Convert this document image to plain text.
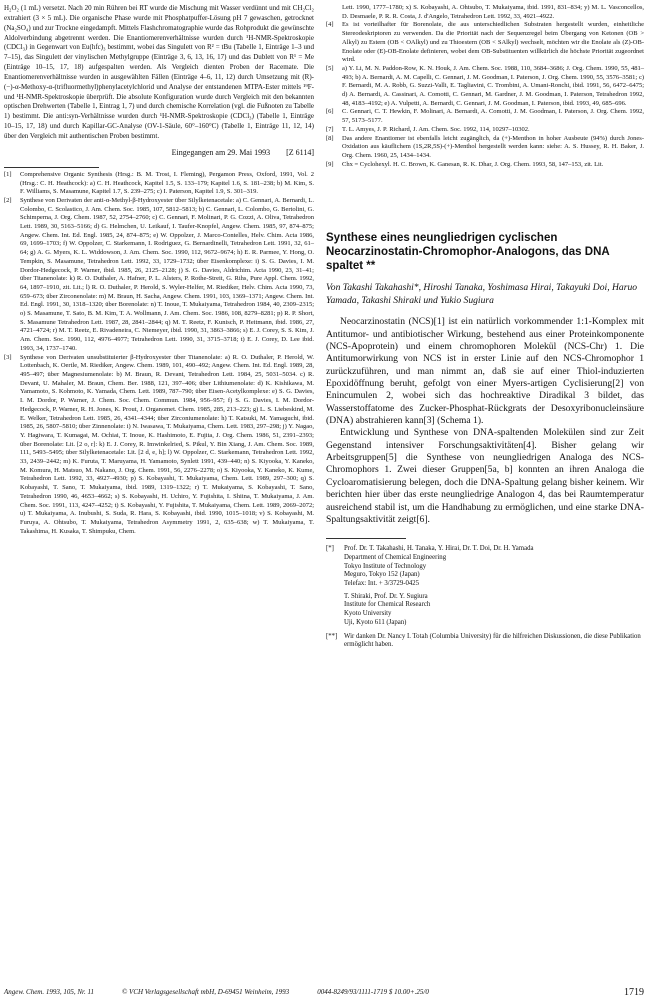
H₂O₂ (1 mL) versetzt. Nach 20 min Rühren bei RT wurde die Mischung mit Wasser verdünnt und mit CH₂Cl₂ extrahiert (3 × 5 mL). Die organische Phase wurde mit Phosphatpuffer-Lösung pH 7 gewaschen, getrocknet (Na₂SO₄) und zur Trockne eingedampft. Mittels Flashchromatographie wurde das Rohprodukt die gewünschte Aldolverbindung abgetrennt werden. Die Enantiomerenverhältnisse wurden durch ¹H-NMR-Spektroskopie (CDCl₃) in Gegenwart von Eu(hfc)₃ bestimmt, wobei das Singulett von R² = tBu (Tabelle 1, Einträge 1–3 und 7–15), das Singulett der vinylischen Methylgruppe (Einträge 3, 6, 13, 16, 17) und das Dublett von R¹ = Me (Einträge 10–15, 17, 18) aufgespalten werden. Als Vergleich dienten Proben der Racemate. Die Enantiomerenverhältnisse wurden in ausgewählten Fällen (Einträge 4–6, 11, 12) durch Umsetzung mit (R)-(−)-α-Methoxy-α-(trifluormethyl)phenylacetylchlorid und Analyse der entstandenen MTPA-Ester mittels ¹⁹F- und ¹H-NMR-Spektroskopie überprüft. Die absolute Konfiguration wurde durch Vergleich mit den bekannten optischen Drehwerten (Tabelle 1, Eintrag 1, 7) und durch chemische Korrelation (vgl. die Fußnoten zu Tabelle 1) bestimmt. Die anti:syn-Verhältnisse wurden durch ¹H-NMR-Spektroskopie (CDCl₃) (Tabelle 1, Einträge 10–15, 17, 18) und durch Kapillar-GC-Analyse (OV-1-Säule, 60°–160°C) (Tabelle 1, Einträge 11, 12, 14) über den Vergleich mit authentischen Proben bestimmt.

Eingegangen am 29. Mai 1993 [Z 6114]

[1]	Comprehensive Organic Synthesis (Hrsg.: B. M. Trost, I. Fleming), Pergamon Press, Oxford, 1991, Vol. 2 (Hrsg.: C. H. Heathcock): a) C. H. Heathcock, Kapitel 1.5, S. 133–179; Kapitel 1.6, S. 181–238; b) M. Kim, S. F. Williams, S. Masamune, Kapitel 1.7, S. 239–275; c) I. Paterson, Kapitel 1.9, S. 301–319.
[2]	Synthese von Derivaten der anti-α-Methyl-β-Hydroxyester über Silylketenacetale: a) C. Gennari, A. Bernardi, L. Colombo, C. Scolastico, J. Am. Chem. Soc. 1985, 107, 5812–5813; b) C. Gennari, L. Colombo, G. Bertolini, G. Schimperna, J. Org. Chem. 1987, 52, 2754–2760; c) C. Gennari, F. Molinari, P. G. Cozzi, A. Oliva, Tetrahedron Lett. 1989, 30, 5163–5166; d) G. Helmchen, U. Leikauf, I. Taufer-Knopfel, Angew. Chem. 1985, 97, 874–875; Angew. Chem. Int. Ed. Engl. 1985, 24, 874–875; e) W. Oppolzer, J. Marco-Contelles, Helv. Chim. Acta 1986, 69, 1699–1703; f) W. Oppolzer, C. Starkemann, I. Rodriguez, G. Bernardinelli, Tetrahedron Lett. 1991, 32, 61–64; g) A. G. Myers, K. L. Widdowson, J. Am. Chem. Soc. 1990, 112, 9672–9674; h) E. R. Parmee, Y. Hong, O. Tempkin, S. Masamune, Tetrahedron Lett. 1992, 33, 1729–1732; über Eisenkomplexe: i) S. G. Davies, I. M. Dordor-Hedgecock, P. Warner, ibid. 1985, 26, 2125–2128; j) S. G. Davies, Aldrichim. Acta 1990, 23, 31–41; über Titanenolate: k) R. O. Duthaler, A. Hafner, P. L. Alsters, P. Rothe-Streit, G. Rihs, Pure Appl. Chem. 1992, 64, 1897–1910, zit. Lit.; l) R. O. Duthaler, P. Herold, S. Wyler-Helfer, M. Riediker, Helv. Chim. Acta 1990, 73, 659–673; über Zirconenolate: m) M. Braun, H. Sacha, Angew. Chem. 1991, 103, 1369–1371; Angew. Chem. Int. Ed. Engl. 1991, 30, 1318–1320; über Borenolate: n) T. Inoue, T. Mukaiyama, Tetrahedron 1984, 40, 2309–2315; o) S. Masamune, T. Sato, B. M. Kim, T. A. Wollmann, J. Am. Chem. Soc. 1986, 108, 8279–8281; p) R. P. Short, S. Masamune Tetrahedron Lett. 1987, 28, 2841–2844; q) M. T. Reetz, F. Kunisch, P. Heitmann, ibid. 1986, 27, 4721–4724; r) M. T. Reetz, E. Rivadeneira, C. Niemeyer, ibid. 1990, 31, 3863–3866; s) E. J. Corey, S. S. Kim, J. Am. Chem. Soc. 1990, 112, 4976–4977; Tetrahedron Lett. 1990, 31, 3715–3718; t) E. J. Corey, D. Lee ibid. 1993, 34, 1737–1740.
[3]	Synthese von Derivaten unsubstituierter β-Hydroxyester über Titanenolate: a) R. O. Duthaler, P. Herold, W. Lottenbach, K. Oertle, M. Riediker, Angew. Chem. 1989, 101, 490–492; Angew. Chem. Int. Ed. Engl. 1989, 28, 495–497; über Magnesiumenolate: b) M. Braun, R. Devant, Tetrahedron Lett. 1984, 25, 5031–5034. c) R. Devant, U. Mahaler, M. Braun, Chem. Ber. 1988, 121, 397–406; über Lithiumenolate: d) K. Kishikawa, M. Yamamoto, S. Kohmoto, K. Yamada, Chem. Lett. 1989, 787–790; über Eisen-Acetylkomplexe: e) S. G. Davies, I. M. Dordor, P. Warner, J. Chem. Soc. Chem. Commun. 1984, 956–957; f) S. G. Davies, I. M. Dordor-Hedgecock, P. Warner, R. H. Jones, K. Prout, J. Organomet. Chem. 1985, 285, 213–223; g) L. S. Liebeskind, M. E. Welker, Tetrahedron Lett. 1985, 26, 4341–4344; über Zirconiumenolate: h) T. Katsuki, M. Yamaguchi, ibid. 1985, 26, 5807–5810; über Zinnenolate: i) N. Iwasawa, T. Mukaiyama, Chem. Lett. 1983, 297–298; j) Y. Nagao, Y. Hagiwara, T. Kumagai, M. Ochiai, T. Inoue, K. Hashimoto, E. Fujita, J. Org. Chem. 1986, 51, 2391–2393; über Borenolate: Lit. [2 o, r]: k) E. J. Corey, R. Imwinkelried, S. Pikul, Y. Bin Xiang, J. Am. Chem. Soc. 1989, 111, 5493–5495; über Silylketenacetale: Lit. [2 d, e, h]; l) W. Oppolzer, C. Starkemann, Tetrahedron Lett. 1992, 33, 2439–2442; m) K. Furuta, T. Maruyama, H. Yamamoto, Synlett 1991, 439–440; n) S. Kiyooka, Y. Kaneko, M. Komura, H. Matsuo, M. Nakano, J. Org. Chem. 1991, 56, 2276–2278; o) S. Kiyooka, Y. Kaneko, K. Kume, Tetrahedron Lett. 1992, 33, 4927–4930; p) S. Kobayashi, T. Mukaiyama, Chem. Lett. 1989, 297–300; q) S. Kobayashi, T. Sano, T. Mukaiyama, ibid. 1989, 1319–1322; r) T. Mukaiyama, S. Kobayashi, T. Sano, Tetrahedron 1990, 46, 4653–4662; s) S. Kobayashi, H. Uchiro, Y. Fujishita, I. Shiina, T. Mukaiyama, J. Am. Chem. Soc. 1991, 113, 4247–4252; t) S. Kobayashi, Y. Fujishita, T. Mukaiyama, Chem. Lett. 1989, 2069–2072; u) T. Mukaiyama, A. Inubushi, S. Suda, R. Hara, S. Kobayashi, ibid. 1990, 1015–1018; v) S. Kobayashi, M. Furuya, A. Ohtsubo, T. Mukaiyama, Tetrahedron Asymmetry 1991, 2, 635–638; w) T. Mukaiyama, T. Takashima, H. Kusaka, T. Shimpuku, Chem.
Lett. 1990, 1777–1780; x) S. Kobayashi, A. Ohtsubo, T. Mukaiyama, ibid. 1991, 831–834; y) M. L. Vasconcellos, D. Desmaele, P. R. R. Costa, J. d'Angelo, Tetrahedron Lett. 1992, 33, 4921–4922.
[4]	Es ist vorteilhafter für Borenolate, die aus unterschiedlichen Substraten hergestellt wurden, einheitliche Stereodeskriptoren zu verwenden. Da die Priorität nach der Sequenzregel beim Übergang von Ketonen (OB > Alkyl) zu Estern (OB < OAlkyl) und zu Thioestern (OB < SAlkyl) wechselt, möchten wir die Enolate als (Z)-OB-Enolate oder (E)-OB-Enolate definieren, wobei dem OB-Substituenten willkürlich die höchste Priorität zugeordnet wird.
[5]	a) Y. Li, M. N. Paddon-Row, K. N. Houk, J. Am. Chem. Soc. 1988, 110, 3684–3686; J. Org. Chem. 1990, 55, 481–493; b) A. Bernardi, A. M. Capelli, C. Gennari, J. M. Goodman, I. Paterson, J. Org. Chem. 1990, 55, 3576–3581; c) F. Bernardi, M. A. Robb, G. Suzzi-Valli, E. Tagliavini, C. Trombini, A. Umani-Ronchi, ibid. 1991, 56, 6472–6475; d) A. Bernardi, A. Cassinari, A. Comotti, C. Gennari, M. Gardner, J. M. Goodman, I. Paterson, Tetrahedron 1992, 48, 4183–4192; e) A. Vulpetti, A. Bernardi, C. Gennari, J. M. Goodman, I. Paterson, ibid. 1993, 49, 685–696.
[6]	C. Gennari, C. T. Hewkin, F. Molinari, A. Bernardi, A. Comotti, J. M. Goodman, I. Paterson, J. Org. Chem. 1992, 57, 5173–5177.
[7]	T. L. Amyes, J. P. Richard, J. Am. Chem. Soc. 1992, 114, 10297–10302.
[8]	Das andere Enantiomer ist ebenfalls leicht zugänglich, da (+)-Menthon in hoher Ausbeute (94%) durch Jones-Oxidation aus käuflichem (1S,2R,5S)-(+)-Menthol hergestellt werden kann: siehe: A. S. Hussey, R. H. Baker, J. Org. Chem. 1960, 25, 1434–1434.
[9]	Chx = Cyclohexyl. H. C. Brown, K. Ganesan, R. K. Dhar, J. Org. Chem. 1993, 58, 147–153, zit. Lit.
Synthese eines neungliedrigen cyclischen Neocarzinostatin-Chromophor-Analogons, das DNA spaltet **

Von Takashi Takahashi*, Hiroshi Tanaka, Yoshimasa Hirai, Takayuki Doi, Haruo Yamada, Takashi Shiraki und Yukio Sugiura

Neocarzinostatin (NCS)[1] ist ein natürlich vorkommender 1:1-Komplex mit Antitumor- und antibiotischer Wirkung, bestehend aus einer Proteinkomponente (NCS-Apoprotein) und einem chromophoren Molekül (NCS-Chr) 1. Die Antitumorwirkung von NCS ist in erster Linie auf den NCS-Chromophor 1 zurückzuführen, und man nimmt an, daß sie auf einer Thiol-induzierten Epoxidöffnung beruht, gefolgt von einer Myers-artigen Cyclisierung[2] von Enincumulen 2, wobei sich das hochreaktive Diradikal 3 bildet, das Wasserstoffatome des Zucker-Phosphat-Rückgrats der Desoxyribonucleinsäure (DNA) abstrahieren kann[3] (Schema 1).

Entwicklung und Synthese von DNA-spaltenden Molekülen sind zur Zeit Gegenstand intensiver Forschungsaktivitäten[4]. Bisher gelang wir Arbeitsgruppen[5] die Synthese von neungliedrigen Analoga des NCS-Chromophors 1. Zwei dieser Gruppen[5a, b] konnten an ihren Analoga die Cycloaromatisierung belegen, doch die DNA-Spaltung gelang bisher keinem. Wir berichten hier über das erste neungliedrige Analogon 4, das bei Raumtemperatur ausreichend stabil ist, um die Handhabung zu ermöglichen, und eine starke DNA-Spaltungsaktivität zeigt[6].

[*]	Prof. Dr. T. Takahashi, H. Tanaka, Y. Hirai, Dr. T. Doi, Dr. H. Yamada
Department of Chemical Engineering
Tokyo Institute of Technology
Meguro, Tokyo 152 (Japan)
Telefax: Int. + 3/3729-0425
T. Shiraki, Prof. Dr. Y. Sugiura
Institute for Chemical Research
Kyoto University
Uji, Kyoto 611 (Japan)
[**] Wir danken Dr. Nancy I. Totah (Columbia University) für die hilfreichen Diskussionen, die diese Publikation ermöglicht haben.
Angew. Chem. 1993, 105, Nr. 11	© VCH Verlagsgesellschaft mbH, D-69451 Weinheim, 1993	0044-8249/93/1111-1719 $ 10.00+.25/0	1719
